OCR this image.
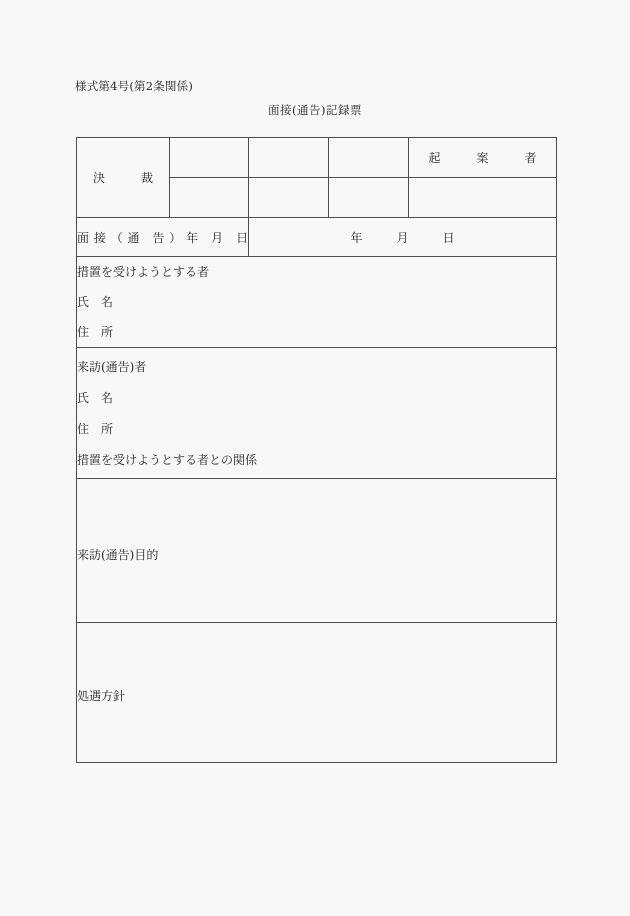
様式第4号(第2条関係)
面接(通告)記録票
決　　　裁				起　　　案　　　者

面 接 （ 通　告 ） 年　月　日		年 月 日		

措置を受けようとする者
氏　名
住　所				

来訪(通告)者
氏　名
住　所
措置を受けようとする者との関係				

来訪(通告)目的				

処遇方針				
